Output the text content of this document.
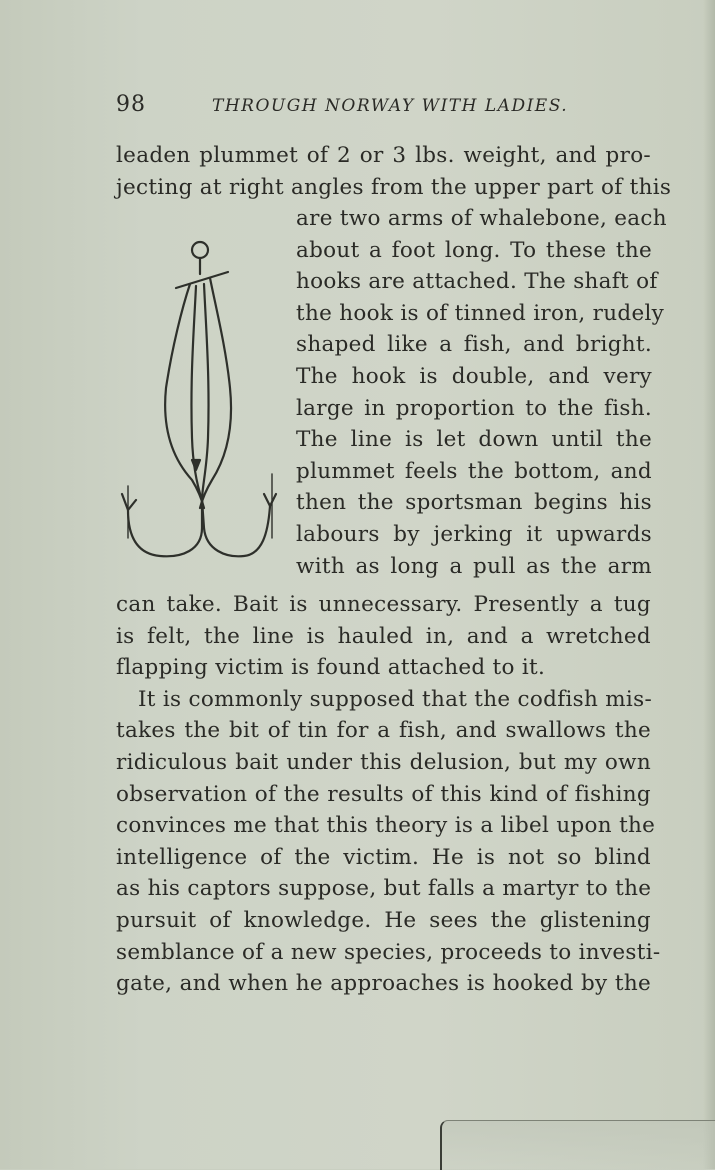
98	THROUGH NORWAY WITH LADIES.
leaden plummet of 2 or 3 lbs. weight, and pro-
jecting at right angles from the upper part of this
are two arms of whalebone, each
about a foot long. To these the
hooks are attached. The shaft of
the hook is of tinned iron, rudely
shaped like a fish, and bright.
The hook is double, and very
large in proportion to the fish.
The line is let down until the
plummet feels the bottom, and
then the sportsman begins his
labours by jerking it upwards
with as long a pull as the arm
can take. Bait is unnecessary. Presently a tug
is felt, the line is hauled in, and a wretched
flapping victim is found attached to it.
It is commonly supposed that the codfish mis-
takes the bit of tin for a fish, and swallows the
ridiculous bait under this delusion, but my own
observation of the results of this kind of fishing
convinces me that this theory is a libel upon the
intelligence of the victim. He is not so blind
as his captors suppose, but falls a martyr to the
pursuit of knowledge. He sees the glistening
semblance of a new species, proceeds to investi-
gate, and when he approaches is hooked by the
